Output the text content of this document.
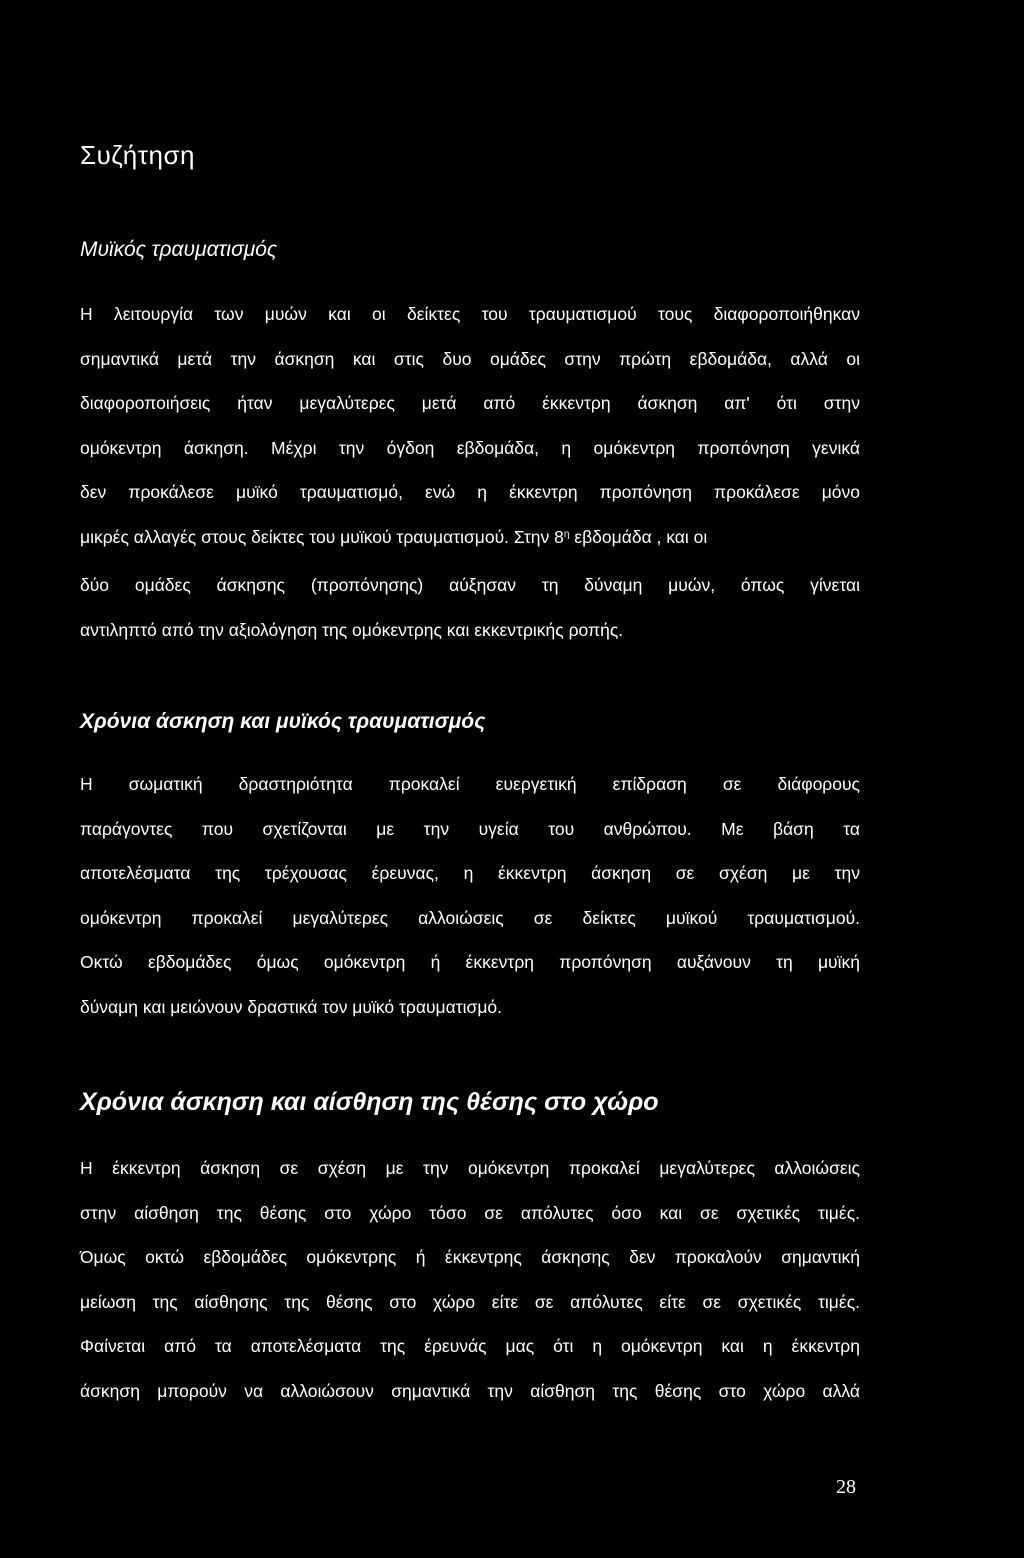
Συζήτηση
Μυϊκός τραυματισμός
Η λειτουργία των μυών και οι δείκτες του τραυματισμού τους διαφοροποιήθηκαν
σημαντικά μετά την άσκηση και στις δυο ομάδες στην πρώτη εβδομάδα, αλλά οι
διαφοροποιήσεις ήταν μεγαλύτερες μετά από έκκεντρη άσκηση απ' ότι στην
ομόκεντρη άσκηση. Μέχρι την όγδοη εβδομάδα, η ομόκεντρη προπόνηση γενικά
δεν προκάλεσε μυϊκό τραυματισμό, ενώ η έκκεντρη προπόνηση προκάλεσε μόνο
μικρές αλλαγές στους δείκτες του μυϊκού τραυματισμού. Στην $8^\eta$ εβδομάδα , και οι
δύο ομάδες άσκησης (προπόνησης) αύξησαν τη δύναμη μυών, όπως γίνεται
αντιληπτό από την αξιολόγηση της ομόκεντρης και εκκεντρικής ροπής.
Χρόνια άσκηση και μυϊκός τραυματισμός
Η σωματική δραστηριότητα προκαλεί ευεργετική επίδραση σε διάφορους
παράγοντες που σχετίζονται με την υγεία του ανθρώπου. Με βάση τα
αποτελέσματα της τρέχουσας έρευνας, η έκκεντρη άσκηση σε σχέση με την
ομόκεντρη προκαλεί μεγαλύτερες αλλοιώσεις σε δείκτες μυϊκού τραυματισμού.
Οκτώ εβδομάδες όμως ομόκεντρη ή έκκεντρη προπόνηση αυξάνουν τη μυϊκή
δύναμη και μειώνουν δραστικά τον μυϊκό τραυματισμό.
Χρόνια άσκηση και αίσθηση της θέσης στο χώρο
Η έκκεντρη άσκηση σε σχέση με την ομόκεντρη προκαλεί μεγαλύτερες αλλοιώσεις
στην αίσθηση της θέσης στο χώρο τόσο σε απόλυτες όσο και σε σχετικές τιμές.
Όμως οκτώ εβδομάδες ομόκεντρης ή έκκεντρης άσκησης δεν προκαλούν σημαντική
μείωση της αίσθησης της θέσης στο χώρο είτε σε απόλυτες είτε σε σχετικές τιμές.
Φαίνεται από τα αποτελέσματα της έρευνάς μας ότι η ομόκεντρη και η έκκεντρη
άσκηση μπορούν να αλλοιώσουν σημαντικά την αίσθηση της θέσης στο χώρο αλλά
28
